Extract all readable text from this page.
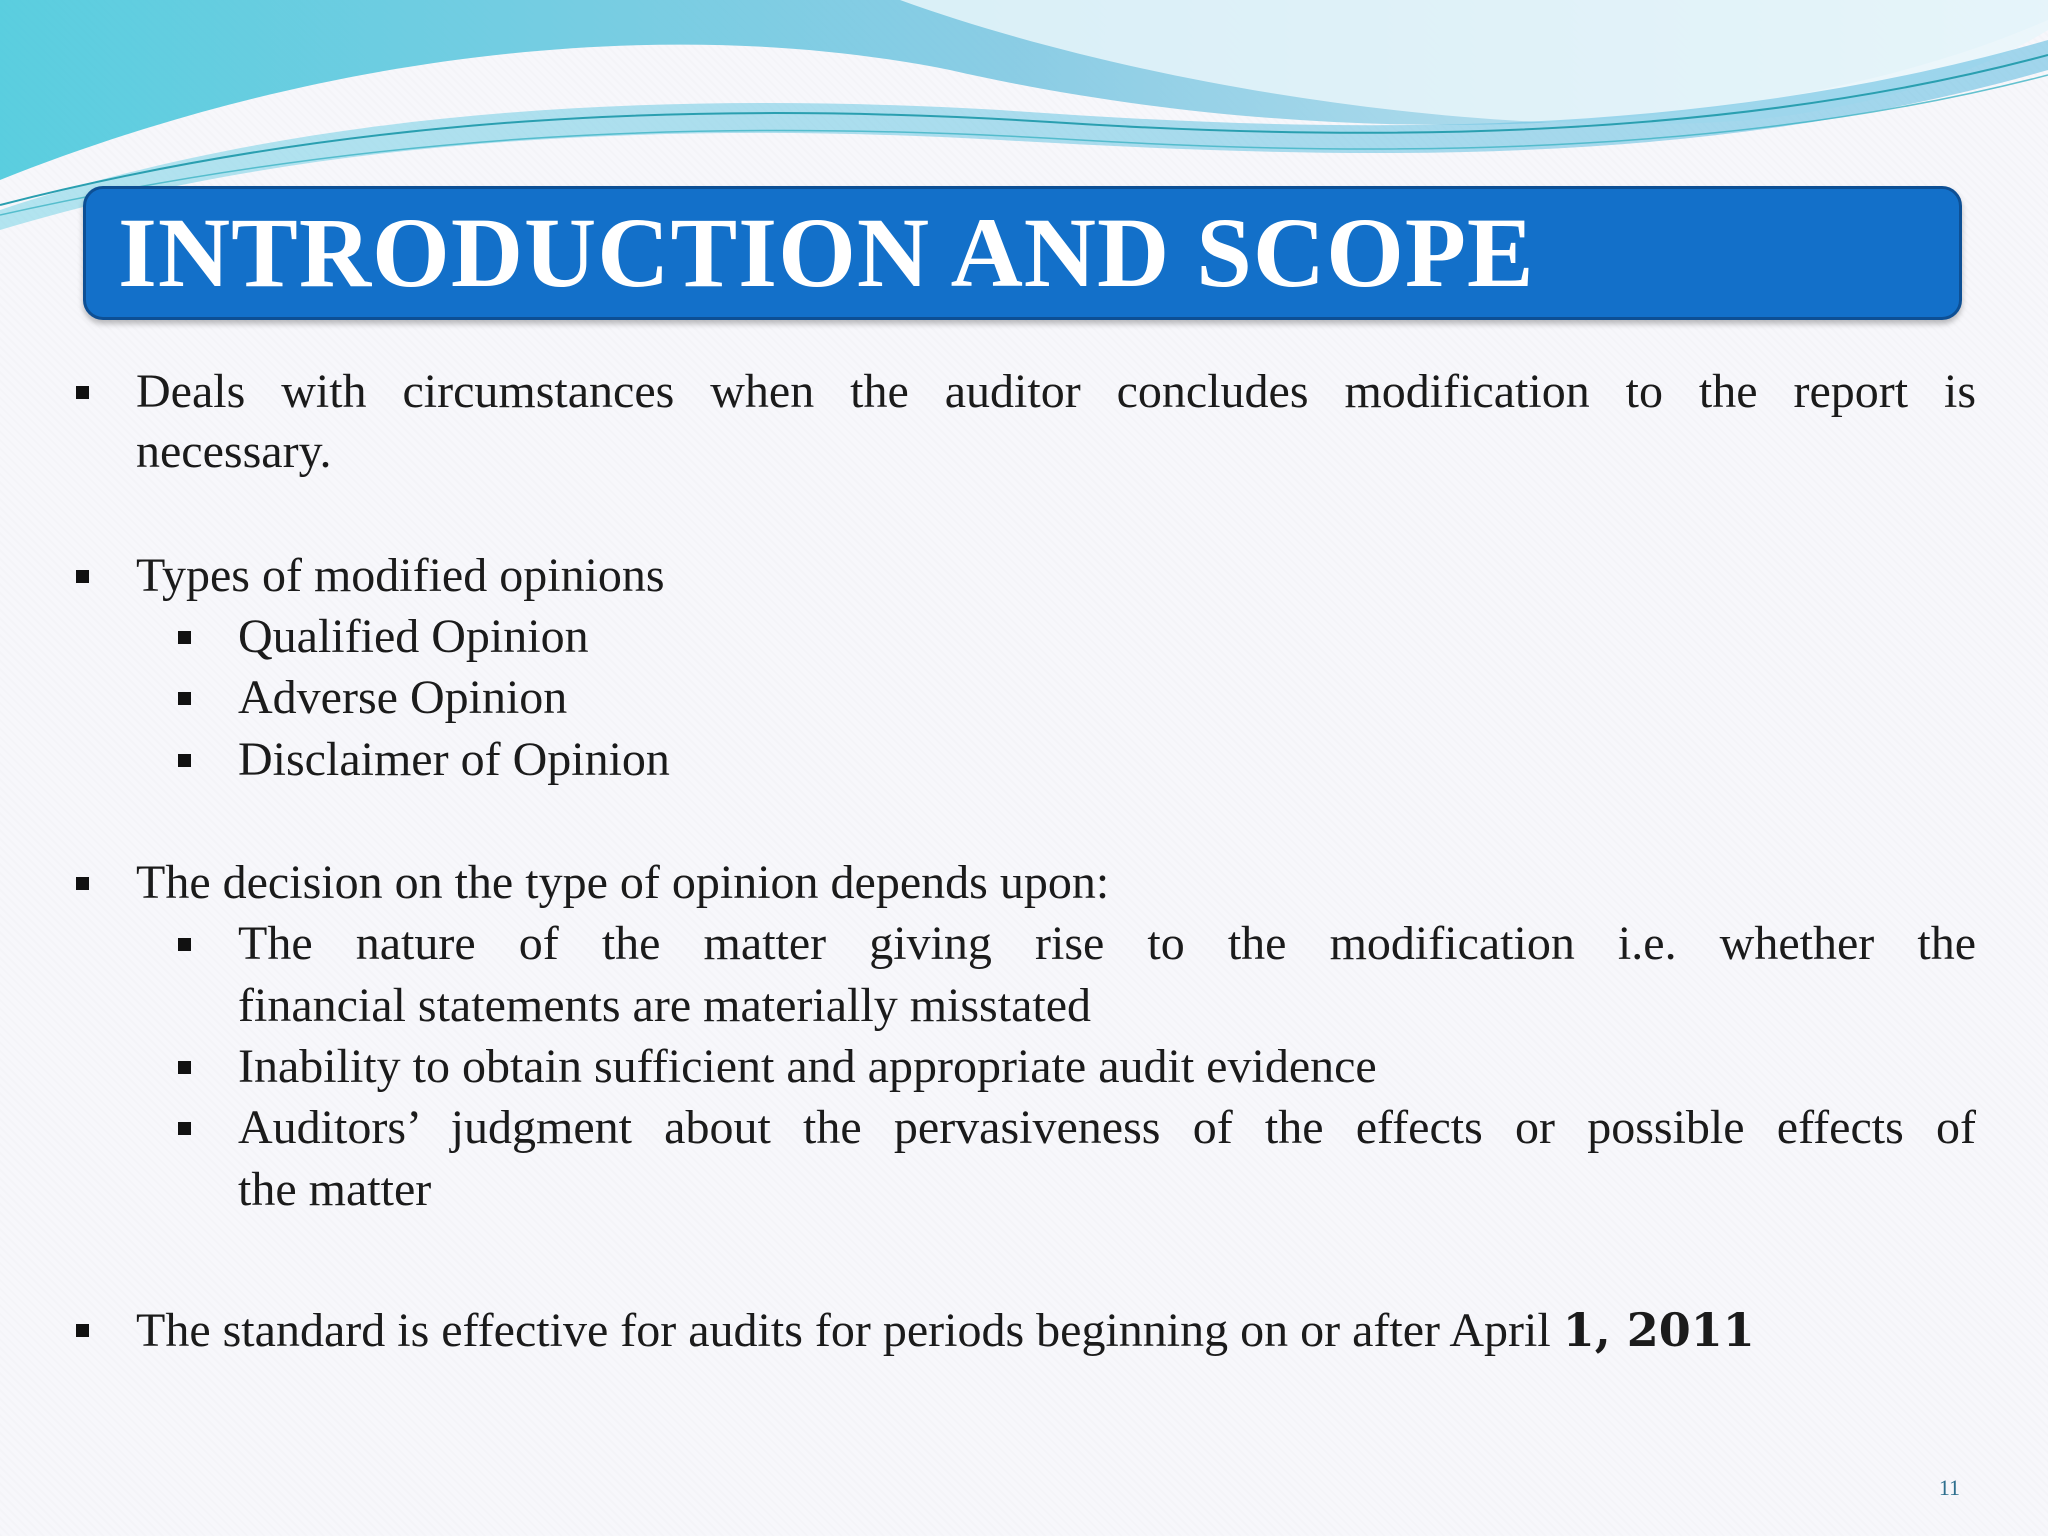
INTRODUCTION AND SCOPE
Deals with circumstances when the auditor concludes modification to the report is
necessary.
Types of modified opinions
Qualified Opinion
Adverse Opinion
Disclaimer of Opinion
The decision on the type of opinion depends upon:
The nature of the matter giving rise to the modification i.e. whether the
financial statements are materially misstated
Inability to obtain sufficient and appropriate audit evidence
Auditors’ judgment about the pervasiveness of the effects or possible effects of
the matter
The standard is effective for audits for periods beginning on or after April 1, 2011
11
